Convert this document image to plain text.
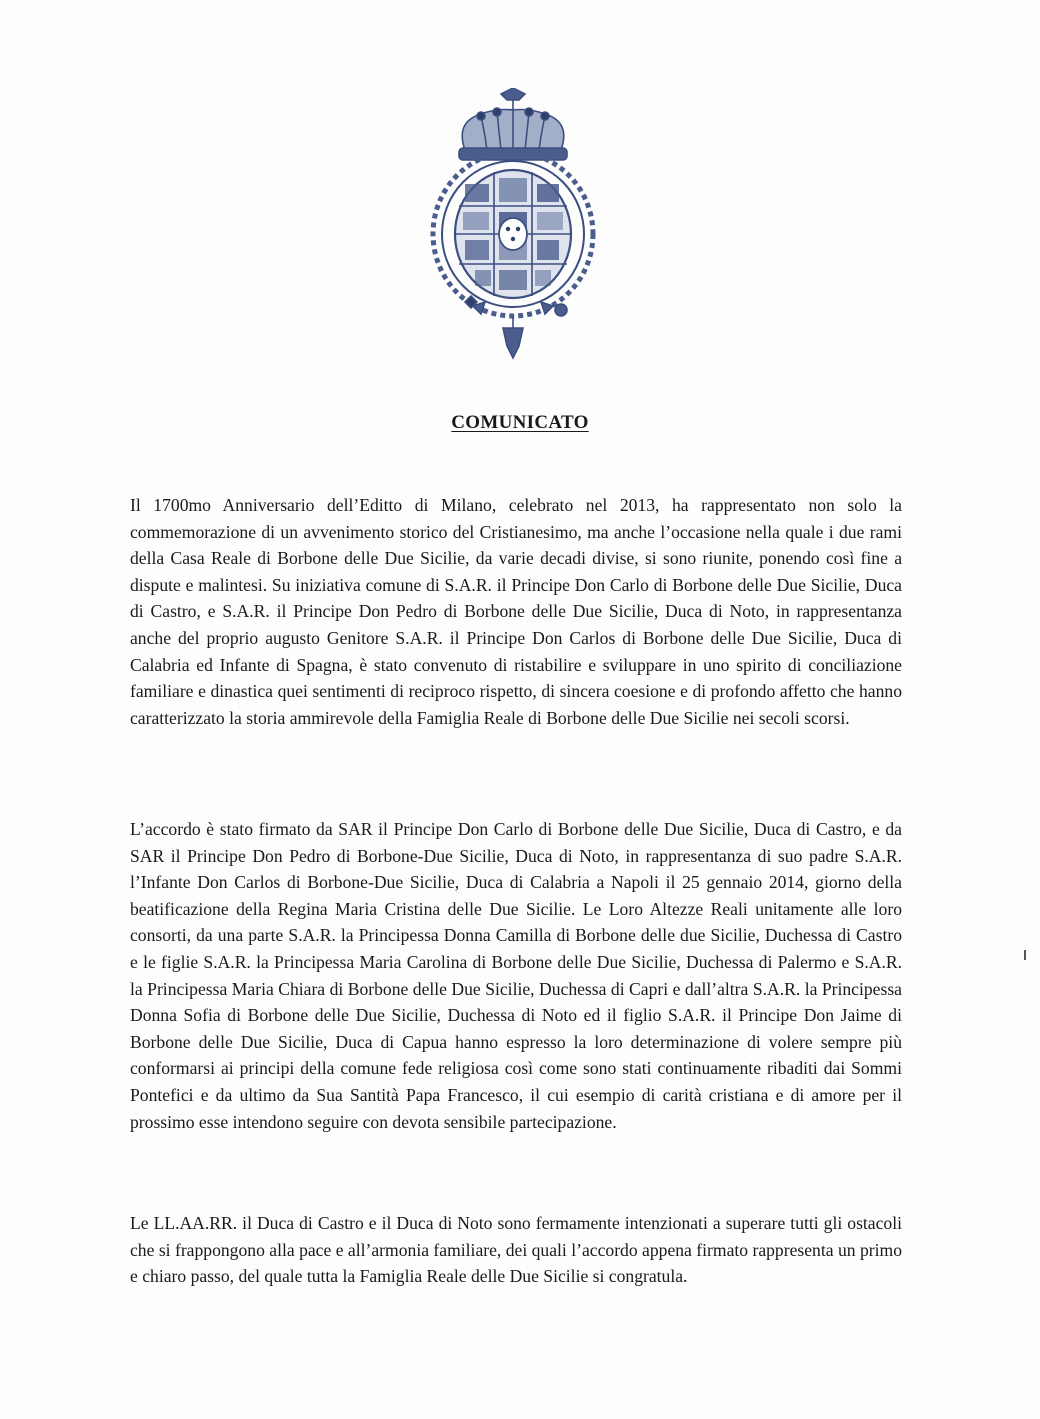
COMUNICATO

Il 1700mo Anniversario dell’Editto di Milano, celebrato nel 2013, ha rappresentato non solo la commemorazione di un avvenimento storico del Cristianesimo, ma anche l’occasione nella quale i due rami della Casa Reale di Borbone delle Due Sicilie, da varie decadi divise, si sono riunite, ponendo così fine a dispute e malintesi. Su iniziativa comune di S.A.R. il Principe Don Carlo di Borbone delle Due Sicilie, Duca di Castro, e S.A.R. il Principe Don Pedro di Borbone delle Due Sicilie, Duca di Noto, in rappresentanza anche del proprio augusto Genitore S.A.R. il Principe Don Carlos di Borbone delle Due Sicilie, Duca di Calabria ed Infante di Spagna, è stato convenuto di ristabilire e sviluppare in uno spirito di conciliazione familiare e dinastica quei sentimenti di reciproco rispetto, di sincera coesione e di profondo affetto che hanno caratterizzato la storia ammirevole della Famiglia Reale di Borbone delle Due Sicilie nei secoli scorsi.

L’accordo è stato firmato da SAR il Principe Don Carlo di Borbone delle Due Sicilie, Duca di Castro, e da SAR il Principe Don Pedro di Borbone-Due Sicilie, Duca di Noto, in rappresentanza di suo padre S.A.R. l’Infante Don Carlos di Borbone-Due Sicilie, Duca di Calabria a Napoli il 25 gennaio 2014, giorno della beatificazione della Regina Maria Cristina delle Due Sicilie. Le Loro Altezze Reali unitamente alle loro consorti, da una parte S.A.R. la Principessa Donna Camilla di Borbone delle due Sicilie, Duchessa di Castro e le figlie S.A.R. la Principessa Maria Carolina di Borbone delle Due Sicilie, Duchessa di Palermo e S.A.R. la Principessa Maria Chiara di Borbone delle Due Sicilie, Duchessa di Capri e dall’altra S.A.R. la Principessa Donna Sofia di Borbone delle Due Sicilie, Duchessa di Noto ed il figlio S.A.R. il Principe Don Jaime di Borbone delle Due Sicilie, Duca di Capua hanno espresso la loro determinazione di volere sempre più conformarsi ai principi della comune fede religiosa così come sono stati continuamente ribaditi dai Sommi Pontefici e da ultimo da Sua Santità Papa Francesco, il cui esempio di carità cristiana e di amore per il prossimo esse intendono seguire con devota sensibile partecipazione.

Le LL.AA.RR. il Duca di Castro e il Duca di Noto sono fermamente intenzionati a superare tutti gli ostacoli che si frappongono alla pace e all’armonia familiare, dei quali l’accordo appena firmato rappresenta un primo e chiaro passo, del quale tutta la Famiglia Reale delle Due Sicilie si congratula.
